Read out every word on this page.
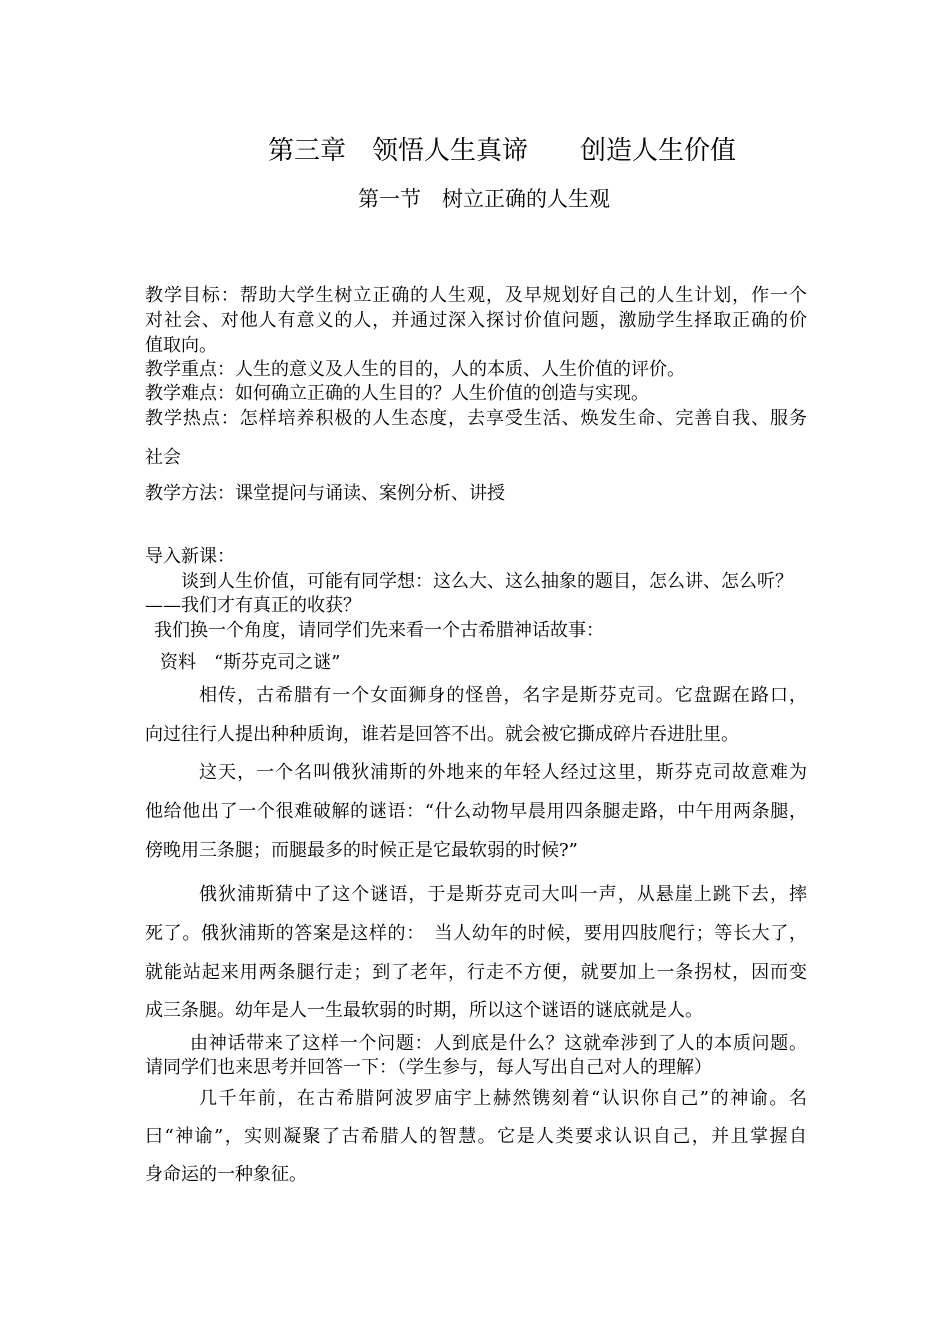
第三章　领悟人生真谛　　创造人生价值
第一节　树立正确的人生观
教学目标：帮助大学生树立正确的人生观，及早规划好自己的人生计划，作一个
对社会、对他人有意义的人，并通过深入探讨价值问题，激励学生择取正确的价
值取向。
教学重点：人生的意义及人生的目的，人的本质、人生价值的评价。
教学难点：如何确立正确的人生目的？人生价值的创造与实现。
教学热点：怎样培养积极的人生态度，去享受生活、焕发生命、完善自我、服务
社会
教学方法：课堂提问与诵读、案例分析、讲授
导入新课：
谈到人生价值，可能有同学想：这么大、这么抽象的题目，怎么讲、怎么听？
——我们才有真正的收获？
我们换一个角度，请同学们先来看一个古希腊神话故事：
资料　“斯芬克司之谜”
相传，古希腊有一个女面狮身的怪兽，名字是斯芬克司。它盘踞在路口，
向过往行人提出种种质询，谁若是回答不出。就会被它撕成碎片吞进肚里。
这天，一个名叫俄狄浦斯的外地来的年轻人经过这里，斯芬克司故意难为
他给他出了一个很难破解的谜语：“什么动物早晨用四条腿走路，中午用两条腿，
傍晚用三条腿；而腿最多的时候正是它最软弱的时候?”
俄狄浦斯猜中了这个谜语，于是斯芬克司大叫一声，从悬崖上跳下去，摔
死了。俄狄浦斯的答案是这样的：　当人幼年的时候，要用四肢爬行；等长大了，
就能站起来用两条腿行走；到了老年，行走不方便，就要加上一条拐杖，因而变
成三条腿。幼年是人一生最软弱的时期，所以这个谜语的谜底就是人。
由神话带来了这样一个问题：人到底是什么？这就牵涉到了人的本质问题。
请同学们也来思考并回答一下：（学生参与，每人写出自己对人的理解）
几千年前，在古希腊阿波罗庙宇上赫然镌刻着“认识你自己”的神谕。名
曰“神谕”，实则凝聚了古希腊人的智慧。它是人类要求认识自己，并且掌握自
身命运的一种象征。
